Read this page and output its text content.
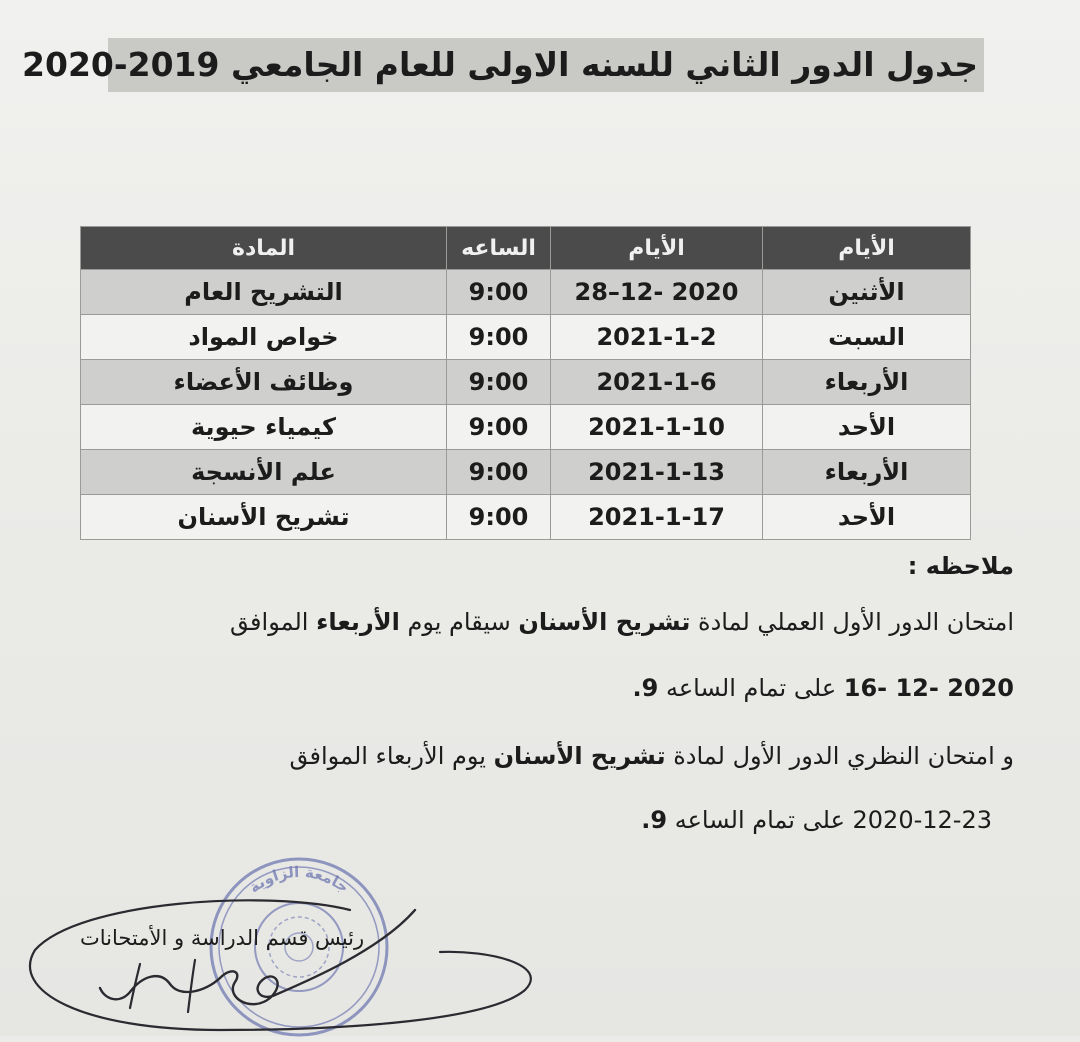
جدول الدور الثاني للسنه الاولى للعام الجامعي 2019-2020
الأيام	الأيام	الساعه	المادة
الأثنين	28–12- 2020	9:00	التشريح العام
السبت	2021-1-2	9:00	خواص المواد
الأربعاء	2021-1-6	9:00	وظائف الأعضاء
الأحد	2021-1-10	9:00	كيمياء حيوية
الأربعاء	2021-1-13	9:00	علم الأنسجة
الأحد	2021-1-17	9:00	تشريح الأسنان
ملاحظه :
امتحان الدور الأول العملي لمادة تشريح الأسنان سيقام يوم الأربعاء الموافق
16- 12- 2020 على تمام الساعه 9.
و امتحان النظري الدور الأول لمادة تشريح الأسنان يوم الأربعاء الموافق
2020-12-23 على تمام الساعه 9.
جامعة الزاوية
رئيس قسم الدراسة و الأمتحانات
